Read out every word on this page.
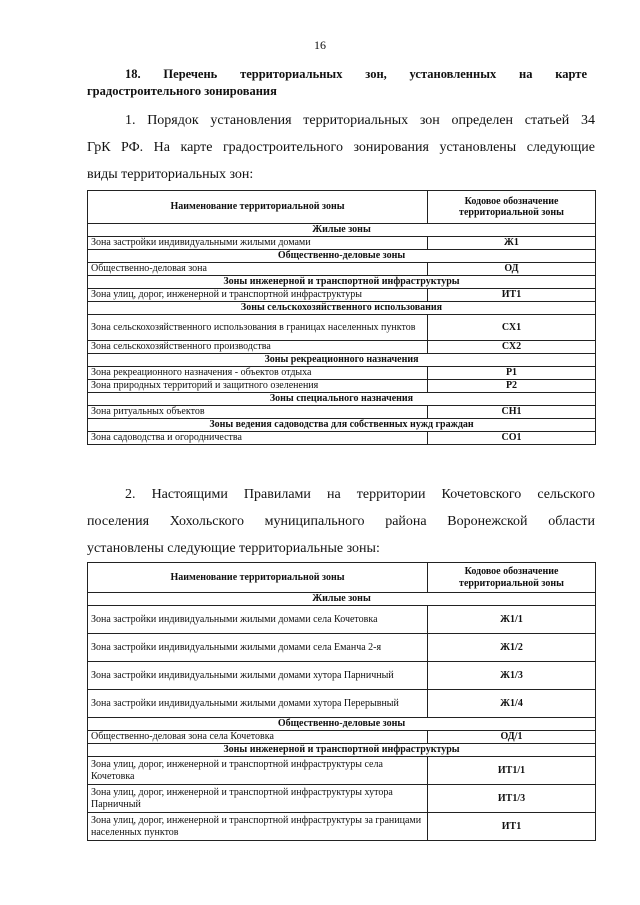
16
18. Перечень территориальных зон, установленных на карте
градостроительного зонирования
1. Порядок установления территориальных зон определен статьей 34
ГрК РФ. На карте градостроительного зонирования установлены следующие
виды территориальных зон:
Наименование территориальной зоны	Кодовое обозначение территориальной зоны
Жилые зоны	
Зона застройки индивидуальными жилыми домами	Ж1
Общественно-деловые зоны	
Общественно-деловая зона	ОД
Зоны инженерной и транспортной инфраструктуры	
Зона улиц, дорог, инженерной и транспортной инфраструктуры	ИТ1
Зоны сельскохозяйственного использования	
Зона сельскохозяйственного использования в границах населенных пунктов	СХ1
Зона сельскохозяйственного производства	СХ2
Зоны рекреационного назначения	
Зона рекреационного назначения - объектов отдыха	Р1
Зона природных территорий и защитного озеленения	Р2
Зоны специального назначения	
Зона ритуальных объектов	СН1
Зоны ведения садоводства для собственных нужд граждан	
Зона садоводства и огородничества	СО1
2. Настоящими Правилами на территории Кочетовского сельского
поселения Хохольского муниципального района Воронежской области
установлены следующие территориальные зоны:
Наименование территориальной зоны	Кодовое обозначение территориальной зоны
Жилые зоны	
Зона застройки индивидуальными жилыми домами села Кочетовка	Ж1/1
Зона застройки индивидуальными жилыми домами села Еманча 2-я	Ж1/2
Зона застройки индивидуальными жилыми домами хутора Парничный	Ж1/3
Зона застройки индивидуальными жилыми домами хутора Перерывный	Ж1/4
Общественно-деловые зоны	
Общественно-деловая зона села Кочетовка	ОД/1
Зоны инженерной и транспортной инфраструктуры	
Зона улиц, дорог, инженерной и транспортной инфраструктуры села Кочетовка	ИТ1/1
Зона улиц, дорог, инженерной и транспортной инфраструктуры хутора Парничный	ИТ1/3
Зона улиц, дорог, инженерной и транспортной инфраструктуры за границами населенных пунктов	ИТ1
